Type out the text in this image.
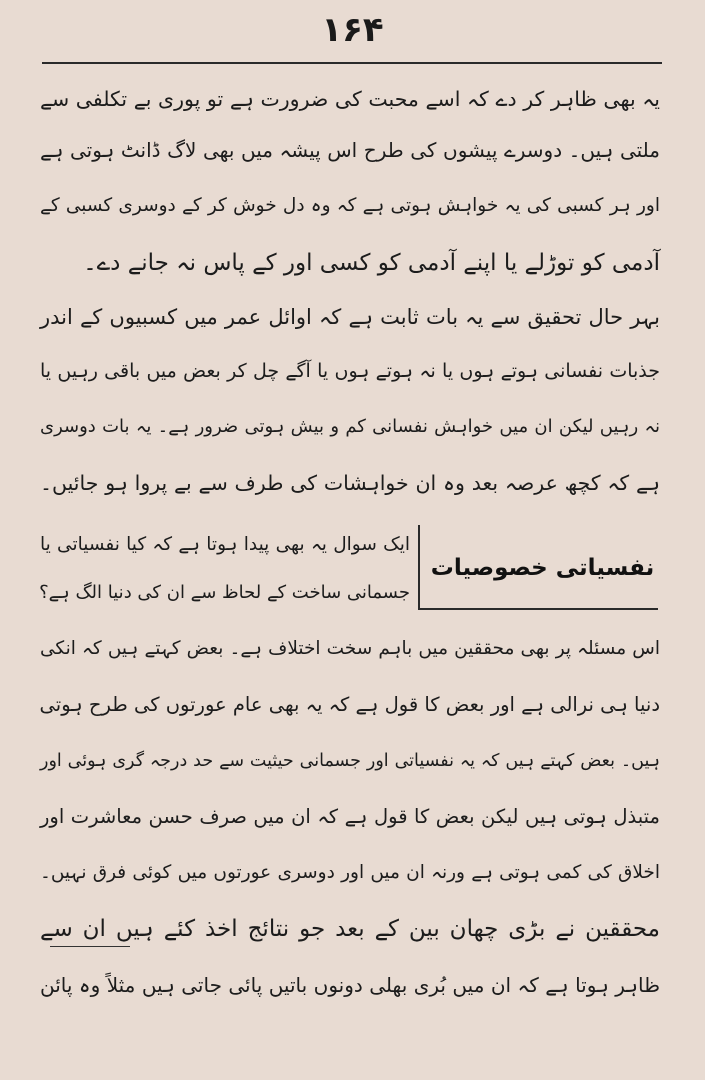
۱۶۴
یہ بھی ظاہر کر دے کہ اسے محبت کی ضرورت ہے تو پوری بے تکلفی سے
ملتی ہیں۔ دوسرے پیشوں کی طرح اس پیشہ میں بھی لاگ ڈانٹ ہوتی ہے
اور ہر کسبی کی یہ خواہش ہوتی ہے کہ وہ دل خوش کر کے دوسری کسبی کے
آدمی کو توڑلے یا اپنے آدمی کو کسی اور کے پاس نہ جانے دے۔
بہر حال تحقیق سے یہ بات ثابت ہے کہ اوائل عمر میں کسبیوں کے اندر
جذبات نفسانی ہوتے ہوں یا نہ ہوتے ہوں یا آگے چل کر بعض میں باقی رہیں یا
نہ رہیں لیکن ان میں خواہش نفسانی کم و بیش ہوتی ضرور ہے۔ یہ بات دوسری
ہے کہ کچھ عرصہ بعد وہ ان خواہشات کی طرف سے بے پروا ہو جائیں۔
نفسیاتی خصوصیات
ایک سوال یہ بھی پیدا ہوتا ہے کہ کیا نفسیاتی یا
جسمانی ساخت کے لحاظ سے ان کی دنیا الگ ہے؟
اس مسئلہ پر بھی محققین میں باہم سخت اختلاف ہے۔ بعض کہتے ہیں کہ انکی
دنیا ہی نرالی ہے اور بعض کا قول ہے کہ یہ بھی عام عورتوں کی طرح ہوتی
ہیں۔ بعض کہتے ہیں کہ یہ نفسیاتی اور جسمانی حیثیت سے حد درجہ گری ہوئی اور
متبذل ہوتی ہیں لیکن بعض کا قول ہے کہ ان میں صرف حسن معاشرت اور
اخلاق کی کمی ہوتی ہے ورنہ ان میں اور دوسری عورتوں میں کوئی فرق نہیں۔
محققین نے بڑی چھان بین کے بعد جو نتائج اخذ کئے ہیں ان سے
ظاہر ہوتا ہے کہ ان میں بُری بھلی دونوں باتیں پائی جاتی ہیں مثلاً وہ پائن
